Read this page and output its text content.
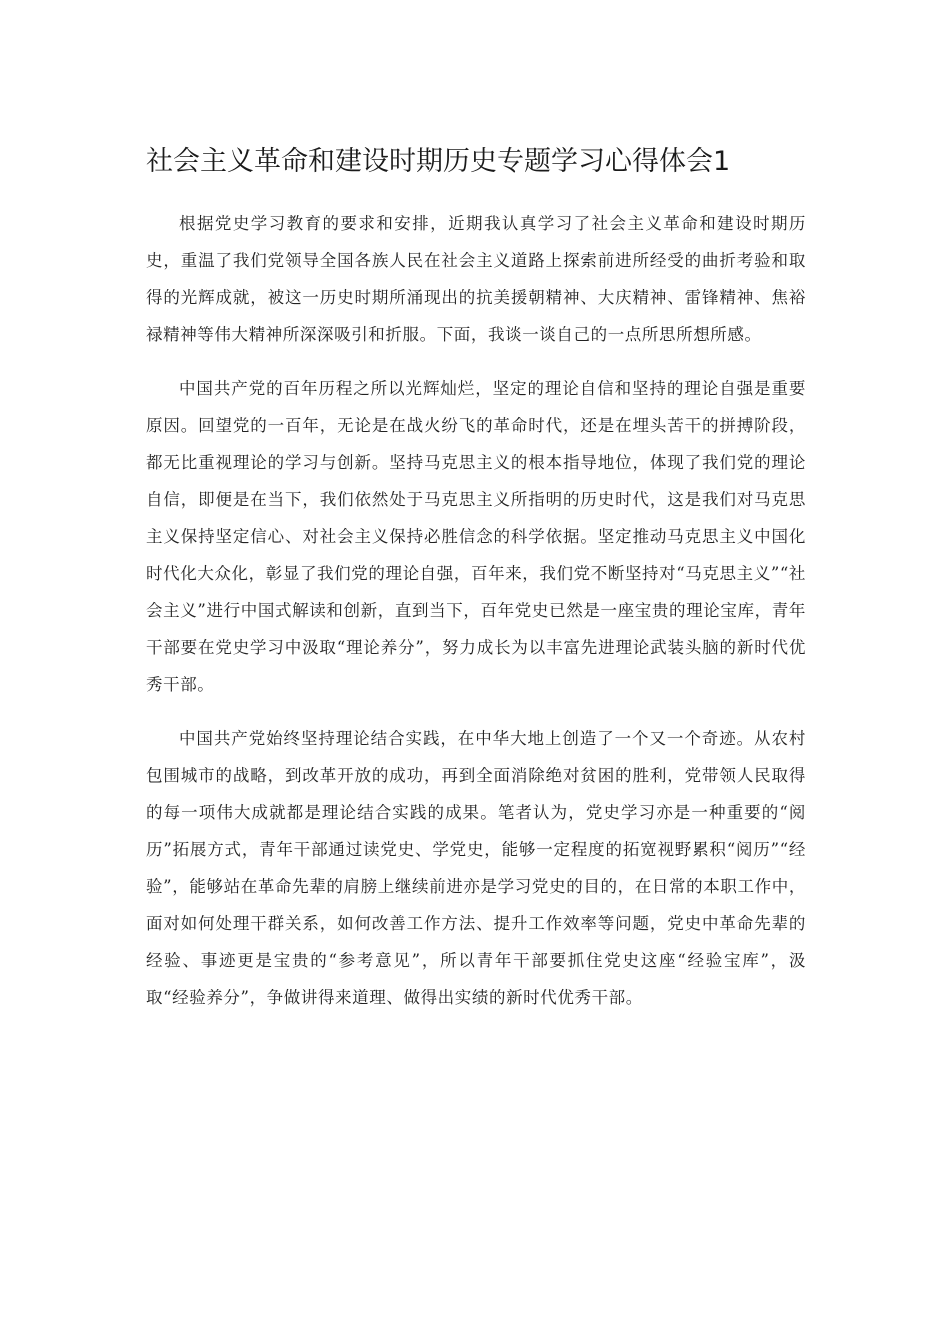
社会主义革命和建设时期历史专题学习心得体会1

根据党史学习教育的要求和安排，近期我认真学习了社会主义革命和建设时期历史，重温了我们党领导全国各族人民在社会主义道路上探索前进所经受的曲折考验和取得的光辉成就，被这一历史时期所涌现出的抗美援朝精神、大庆精神、雷锋精神、焦裕禄精神等伟大精神所深深吸引和折服。下面，我谈一谈自己的一点所思所想所感。

中国共产党的百年历程之所以光辉灿烂，坚定的理论自信和坚持的理论自强是重要原因。回望党的一百年，无论是在战火纷飞的革命时代，还是在埋头苦干的拼搏阶段，都无比重视理论的学习与创新。坚持马克思主义的根本指导地位，体现了我们党的理论自信，即便是在当下，我们依然处于马克思主义所指明的历史时代，这是我们对马克思主义保持坚定信心、对社会主义保持必胜信念的科学依据。坚定推动马克思主义中国化时代化大众化，彰显了我们党的理论自强，百年来，我们党不断坚持对“马克思主义”“社会主义”进行中国式解读和创新，直到当下，百年党史已然是一座宝贵的理论宝库，青年干部要在党史学习中汲取“理论养分”，努力成长为以丰富先进理论武装头脑的新时代优秀干部。

中国共产党始终坚持理论结合实践，在中华大地上创造了一个又一个奇迹。从农村包围城市的战略，到改革开放的成功，再到全面消除绝对贫困的胜利，党带领人民取得的每一项伟大成就都是理论结合实践的成果。笔者认为，党史学习亦是一种重要的“阅历”拓展方式，青年干部通过读党史、学党史，能够一定程度的拓宽视野累积“阅历”“经验”，能够站在革命先辈的肩膀上继续前进亦是学习党史的目的，在日常的本职工作中，面对如何处理干群关系，如何改善工作方法、提升工作效率等问题，党史中革命先辈的经验、事迹更是宝贵的“参考意见”，所以青年干部要抓住党史这座“经验宝库”，汲取“经验养分”，争做讲得来道理、做得出实绩的新时代优秀干部。
